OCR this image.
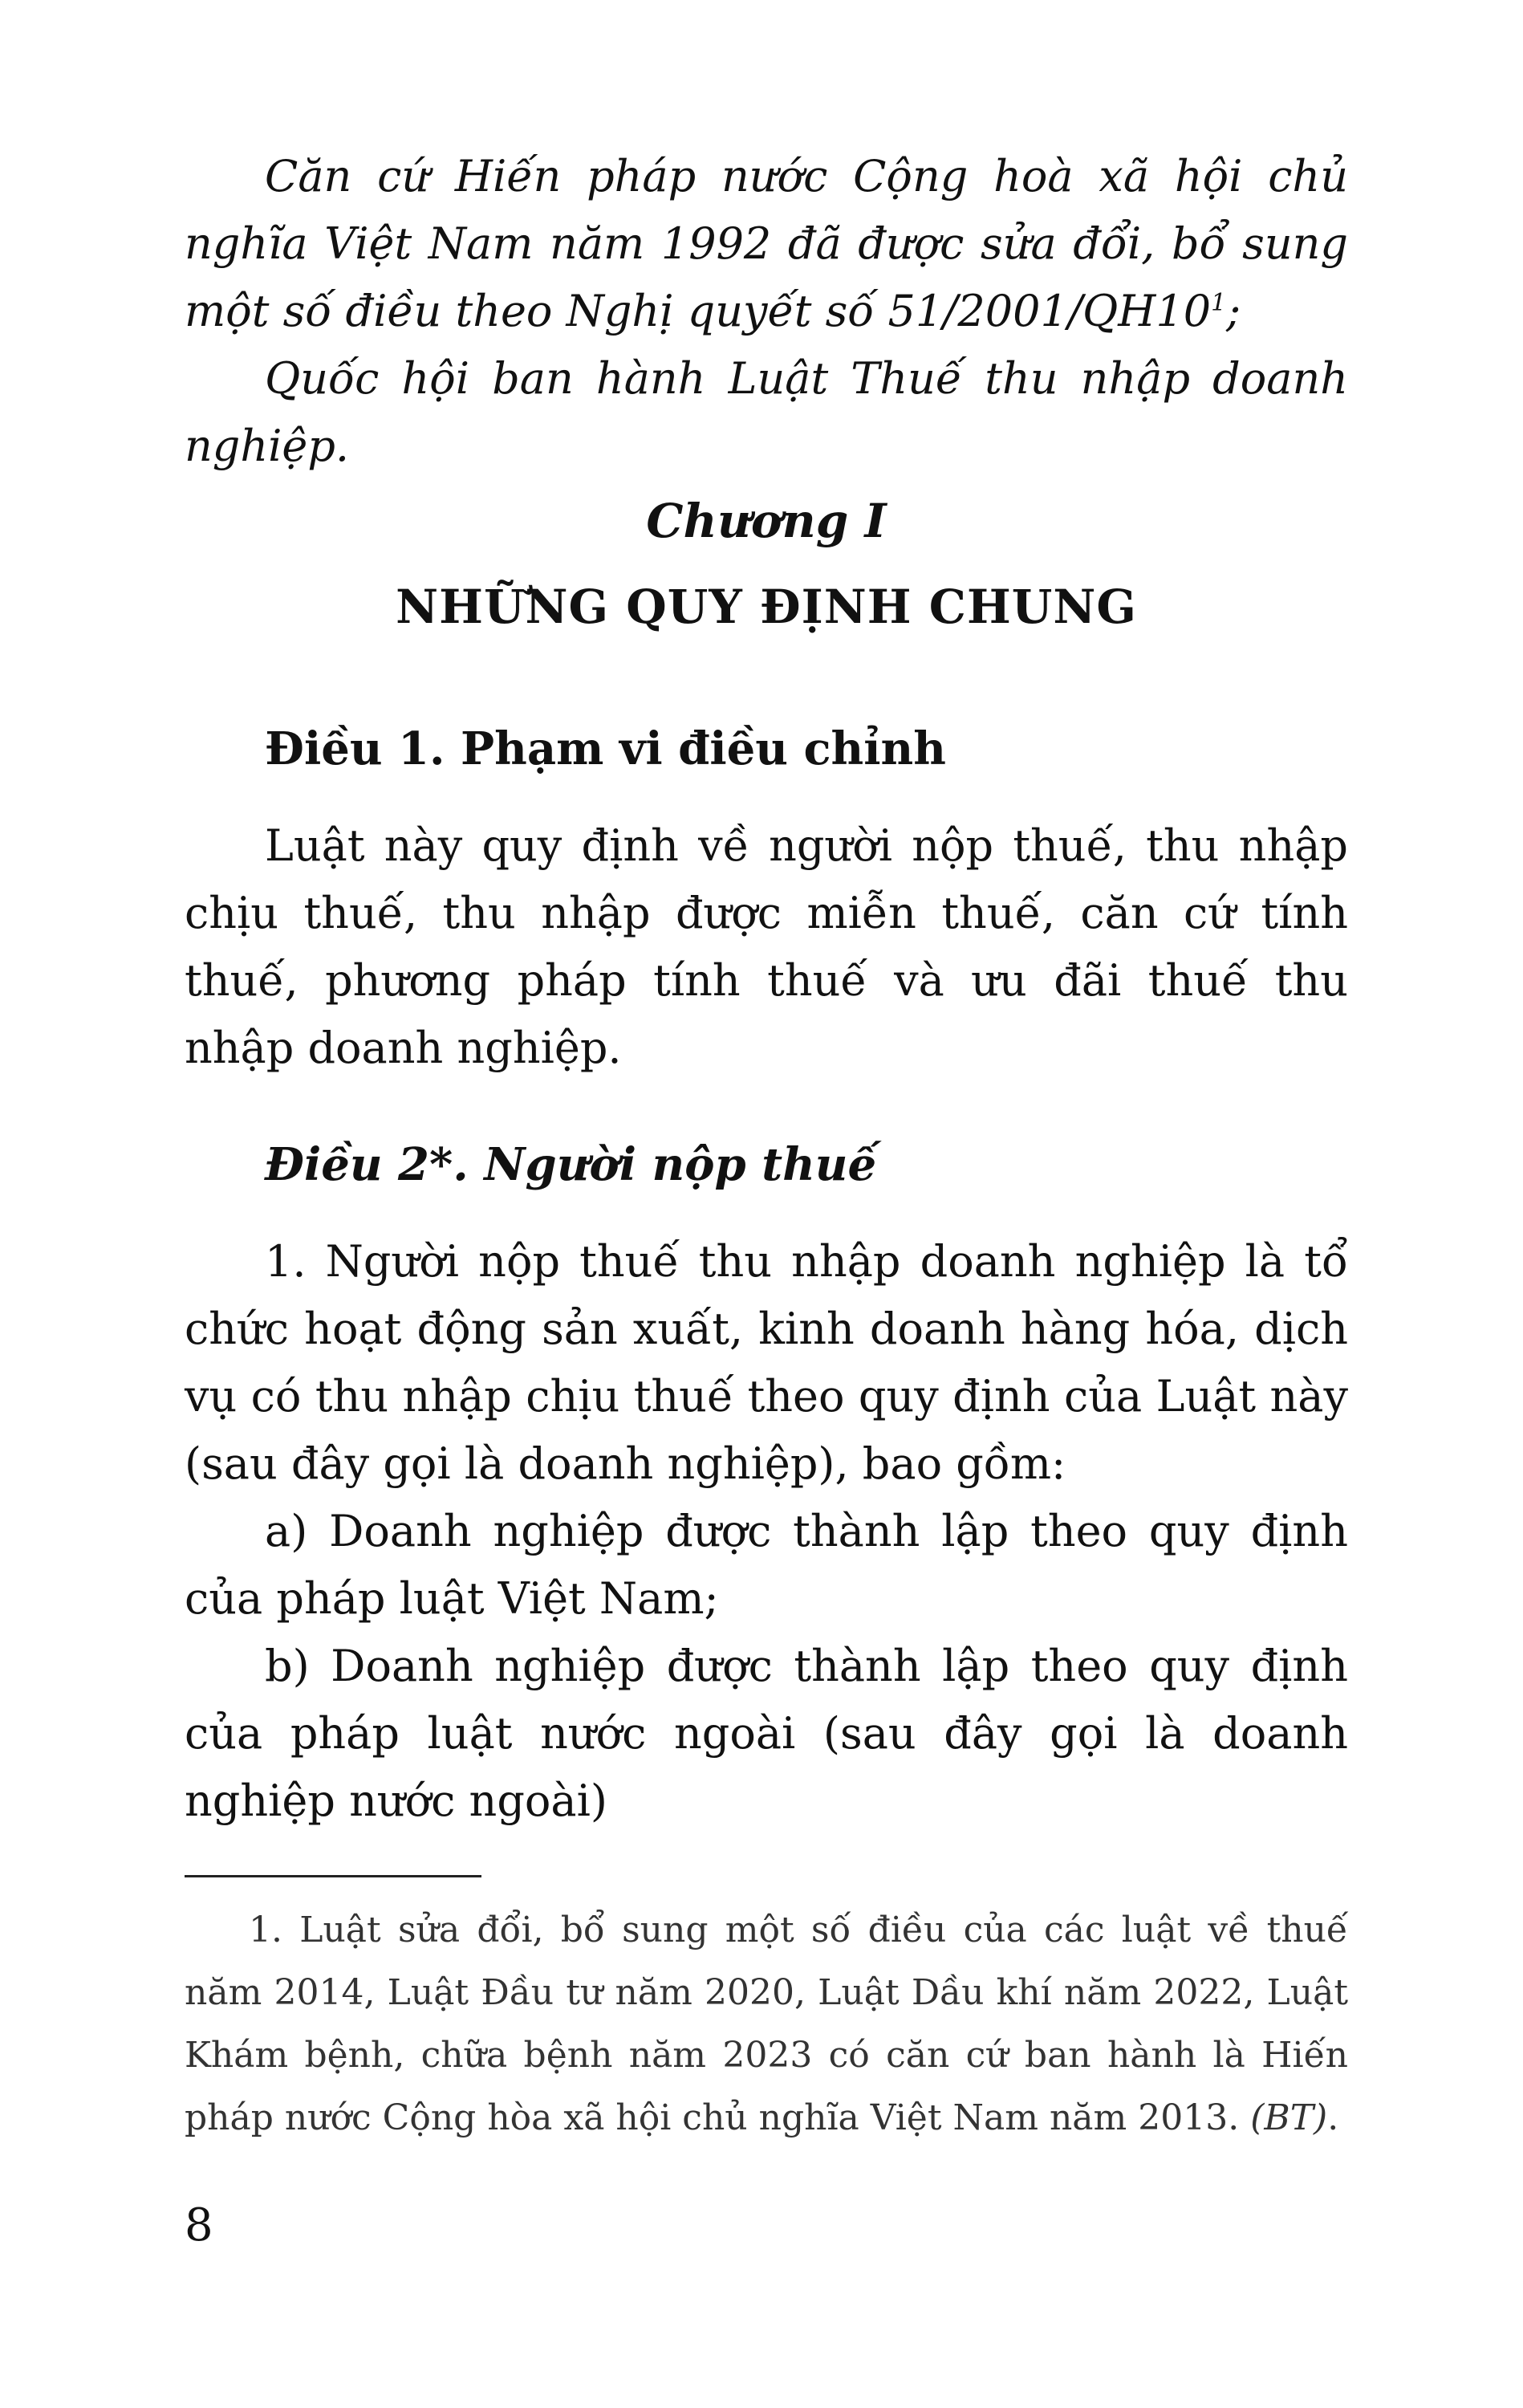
Căn cứ Hiến pháp nước Cộng hoà xã hội chủ nghĩa Việt Nam năm 1992 đã được sửa đổi, bổ sung một số điều theo Nghị quyết số $51/2001/QH10^1$;

Quốc hội ban hành Luật Thuế thu nhập doanh nghiệp.

Chương I

NHỮNG QUY ĐỊNH CHUNG

Điều 1. Phạm vi điều chỉnh

Luật này quy định về người nộp thuế, thu nhập chịu thuế, thu nhập được miễn thuế, căn cứ tính thuế, phương pháp tính thuế và ưu đãi thuế thu nhập doanh nghiệp.

Điều 2*. Người nộp thuế

1. Người nộp thuế thu nhập doanh nghiệp là tổ chức hoạt động sản xuất, kinh doanh hàng hóa, dịch vụ có thu nhập chịu thuế theo quy định của Luật này (sau đây gọi là doanh nghiệp), bao gồm:

a) Doanh nghiệp được thành lập theo quy định của pháp luật Việt Nam;

b) Doanh nghiệp được thành lập theo quy định của pháp luật nước ngoài (sau đây gọi là doanh nghiệp nước ngoài)

1. Luật sửa đổi, bổ sung một số điều của các luật về thuế năm 2014, Luật Đầu tư năm 2020, Luật Dầu khí năm 2022, Luật Khám bệnh, chữa bệnh năm 2023 có căn cứ ban hành là Hiến pháp nước Cộng hòa xã hội chủ nghĩa Việt Nam năm 2013. (BT).

8
